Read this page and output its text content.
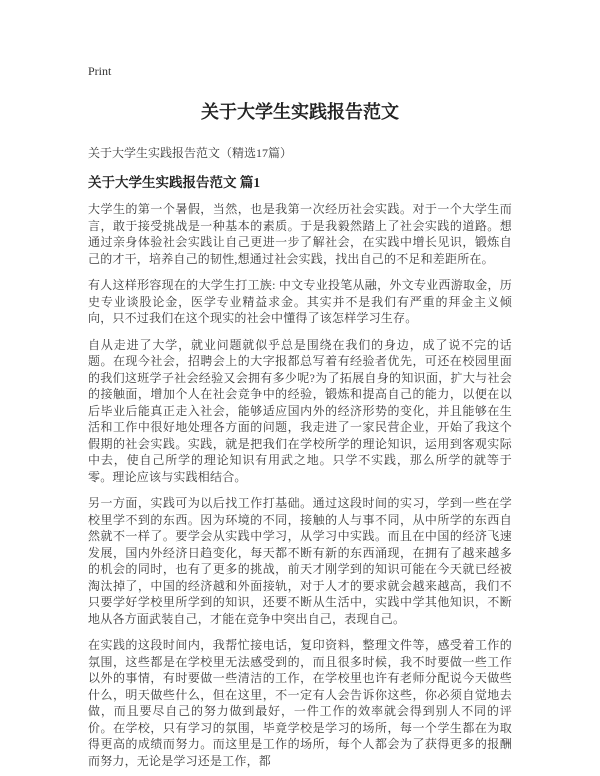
Print
关于大学生实践报告范文
关于大学生实践报告范文（精选17篇）
关于大学生实践报告范文 篇1

大学生的第一个暑假，当然，也是我第一次经历社会实践。对于一个大学生而言，敢于接受挑战是一种基本的素质。于是我毅然踏上了社会实践的道路。想通过亲身体验社会实践让自己更进一步了解社会，在实践中增长见识，锻炼自己的才干，培养自己的韧性,想通过社会实践，找出自己的不足和差距所在。

有人这样形容现在的大学生打工族: 中文专业投笔从融，外文专业西游取金，历史专业谈股论金，医学专业精益求金。其实并不是我们有严重的拜金主义倾向，只不过我们在这个现实的社会中懂得了该怎样学习生存。

自从走进了大学，就业问题就似乎总是围绕在我们的身边，成了说不完的话题。在现今社会，招聘会上的大字报都总写着有经验者优先，可还在校园里面的我们这班学子社会经验又会拥有多少呢?为了拓展自身的知识面，扩大与社会的接触面，增加个人在社会竞争中的经验，锻炼和提高自己的能力，以便在以后毕业后能真正走入社会，能够适应国内外的经济形势的变化，并且能够在生活和工作中很好地处理各方面的问题，我走进了一家民营企业，开始了我这个假期的社会实践。实践，就是把我们在学校所学的理论知识，运用到客观实际中去，使自己所学的理论知识有用武之地。只学不实践，那么所学的就等于零。理论应该与实践相结合。

另一方面，实践可为以后找工作打基础。通过这段时间的实习，学到一些在学校里学不到的东西。因为环境的不同，接触的人与事不同，从中所学的东西自然就不一样了。要学会从实践中学习，从学习中实践。而且在中国的经济飞速发展，国内外经济日趋变化，每天都不断有新的东西涌现，在拥有了越来越多的机会的同时，也有了更多的挑战，前天才刚学到的知识可能在今天就已经被淘汰掉了，中国的经济越和外面接轨，对于人才的要求就会越来越高，我们不只要学好学校里所学到的知识，还要不断从生活中，实践中学其他知识，不断地从各方面武装自己，才能在竞争中突出自己，表现自己。

在实践的这段时间内，我帮忙接电话，复印资料，整理文件等，感受着工作的氛围，这些都是在学校里无法感受到的，而且很多时候，我不时要做一些工作以外的事情，有时要做一些清洁的工作，在学校里也许有老师分配说今天做些什么，明天做些什么，但在这里，不一定有人会告诉你这些，你必须自觉地去做，而且要尽自己的努力做到最好，一件工作的效率就会得到别人不同的评价。在学校，只有学习的氛围，毕竟学校是学习的场所，每一个学生都在为取得更高的成绩而努力。而这里是工作的场所，每个人都会为了获得更多的报酬而努力，无论是学习还是工作，都
